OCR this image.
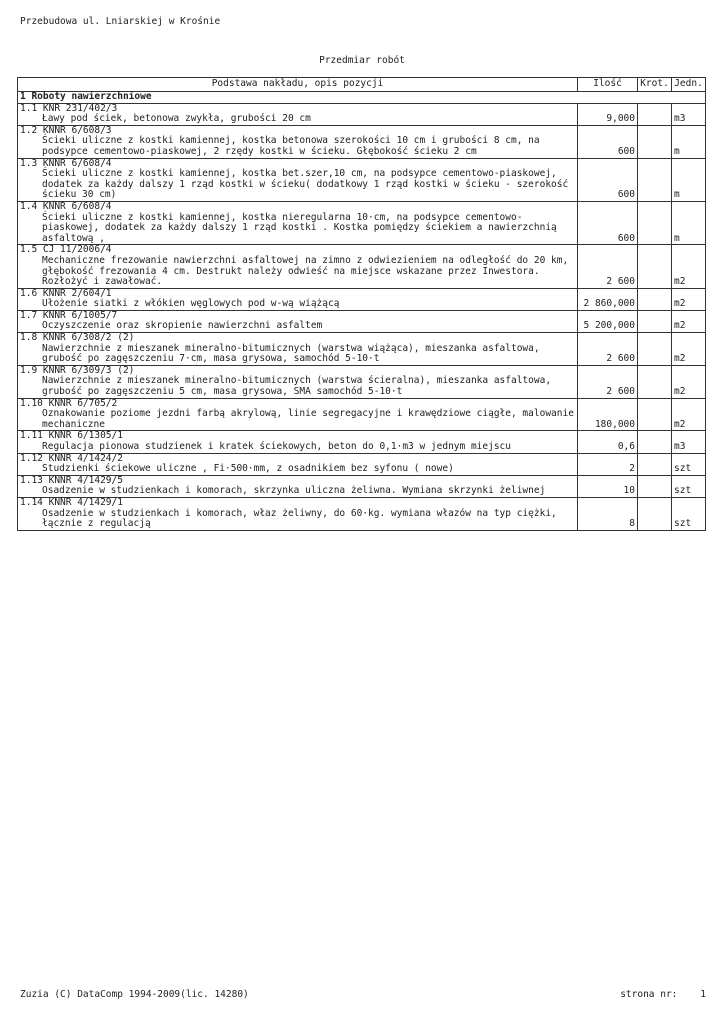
Przebudowa ul. Lniarskiej w Krośnie
Przedmiar robót
Podstawa nakładu, opis pozycji	Ilość	Krot.	Jedn.
1 Roboty nawierzchniowe			

1.1 KNR 231/402/3
Ławy pod ściek, betonowa zwykła, grubości 20 cm	9,000		m3

1.2 KNNR 6/608/3
Ścieki uliczne z kostki kamiennej, kostka betonowa szerokości 10 cm i grubości 8 cm, na podsypce cementowo-piaskowej, 2 rzędy kostki w ścieku. Głębokość ścieku 2 cm	600		m

1.3 KNNR 6/608/4
Ścieki uliczne z kostki kamiennej, kostka bet.szer,10 cm, na podsypce cementowo-piaskowej, dodatek za każdy dalszy 1 rząd kostki w ścieku( dodatkowy 1 rząd kostki w ścieku - szerokość ścieku 30 cm)	600		m

1.4 KNNR 6/608/4
Ścieki uliczne z kostki kamiennej, kostka nieregularna 10·cm, na podsypce cementowo-piaskowej, dodatek za każdy dalszy 1 rząd kostki . Kostka pomiędzy ściekiem a nawierzchnią asfaltową ,	600		m

1.5 CJ 11/2006/4
Mechaniczne frezowanie nawierzchni asfaltowej na zimno z odwiezieniem na odległość do 20 km, głębokość frezowania 4 cm. Destrukt należy odwieść na miejsce wskazane przez Inwestora. Rozłożyć i zawałować.	2 600		m2

1.6 KNNR 2/604/1
Ułożenie siatki z włókien węglowych pod w-wą wiążącą	2 860,000		m2

1.7 KNNR 6/1005/7
Oczyszczenie oraz skropienie nawierzchni asfaltem	5 200,000		m2

1.8 KNNR 6/308/2 (2)
Nawierzchnie z mieszanek mineralno-bitumicznych (warstwa wiążąca), mieszanka asfaltowa, grubość po zagęszczeniu 7·cm, masa grysowa, samochód 5-10·t	2 600		m2

1.9 KNNR 6/309/3 (2)
Nawierzchnie z mieszanek mineralno-bitumicznych (warstwa ścieralna), mieszanka asfaltowa, grubość po zagęszczeniu 5 cm, masa grysowa, SMA samochód 5-10·t	2 600		m2

1.10 KNNR 6/705/2
Oznakowanie poziome jezdni farbą akrylową, linie segregacyjne i krawędziowe ciągłe, malowanie mechaniczne	180,000		m2

1.11 KNNR 6/1305/1
Regulacja pionowa studzienek i kratek ściekowych, beton do 0,1·m3 w jednym miejscu	0,6		m3

1.12 KNNR 4/1424/2
Studzienki ściekowe uliczne , Fi·500·mm, z osadnikiem bez syfonu ( nowe)	2		szt

1.13 KNNR 4/1429/5
Osadzenie w studzienkach i komorach, skrzynka uliczna żeliwna. Wymiana skrzynki żeliwnej	10		szt

1.14 KNNR 4/1429/1
Osadzenie w studzienkach i komorach, właz żeliwny, do 60·kg. wymiana włazów na typ ciężki, łącznie z regulacją	8		szt
Zuzia (C) DataComp 1994-2009(lic. 14280)	strona nr:    1
